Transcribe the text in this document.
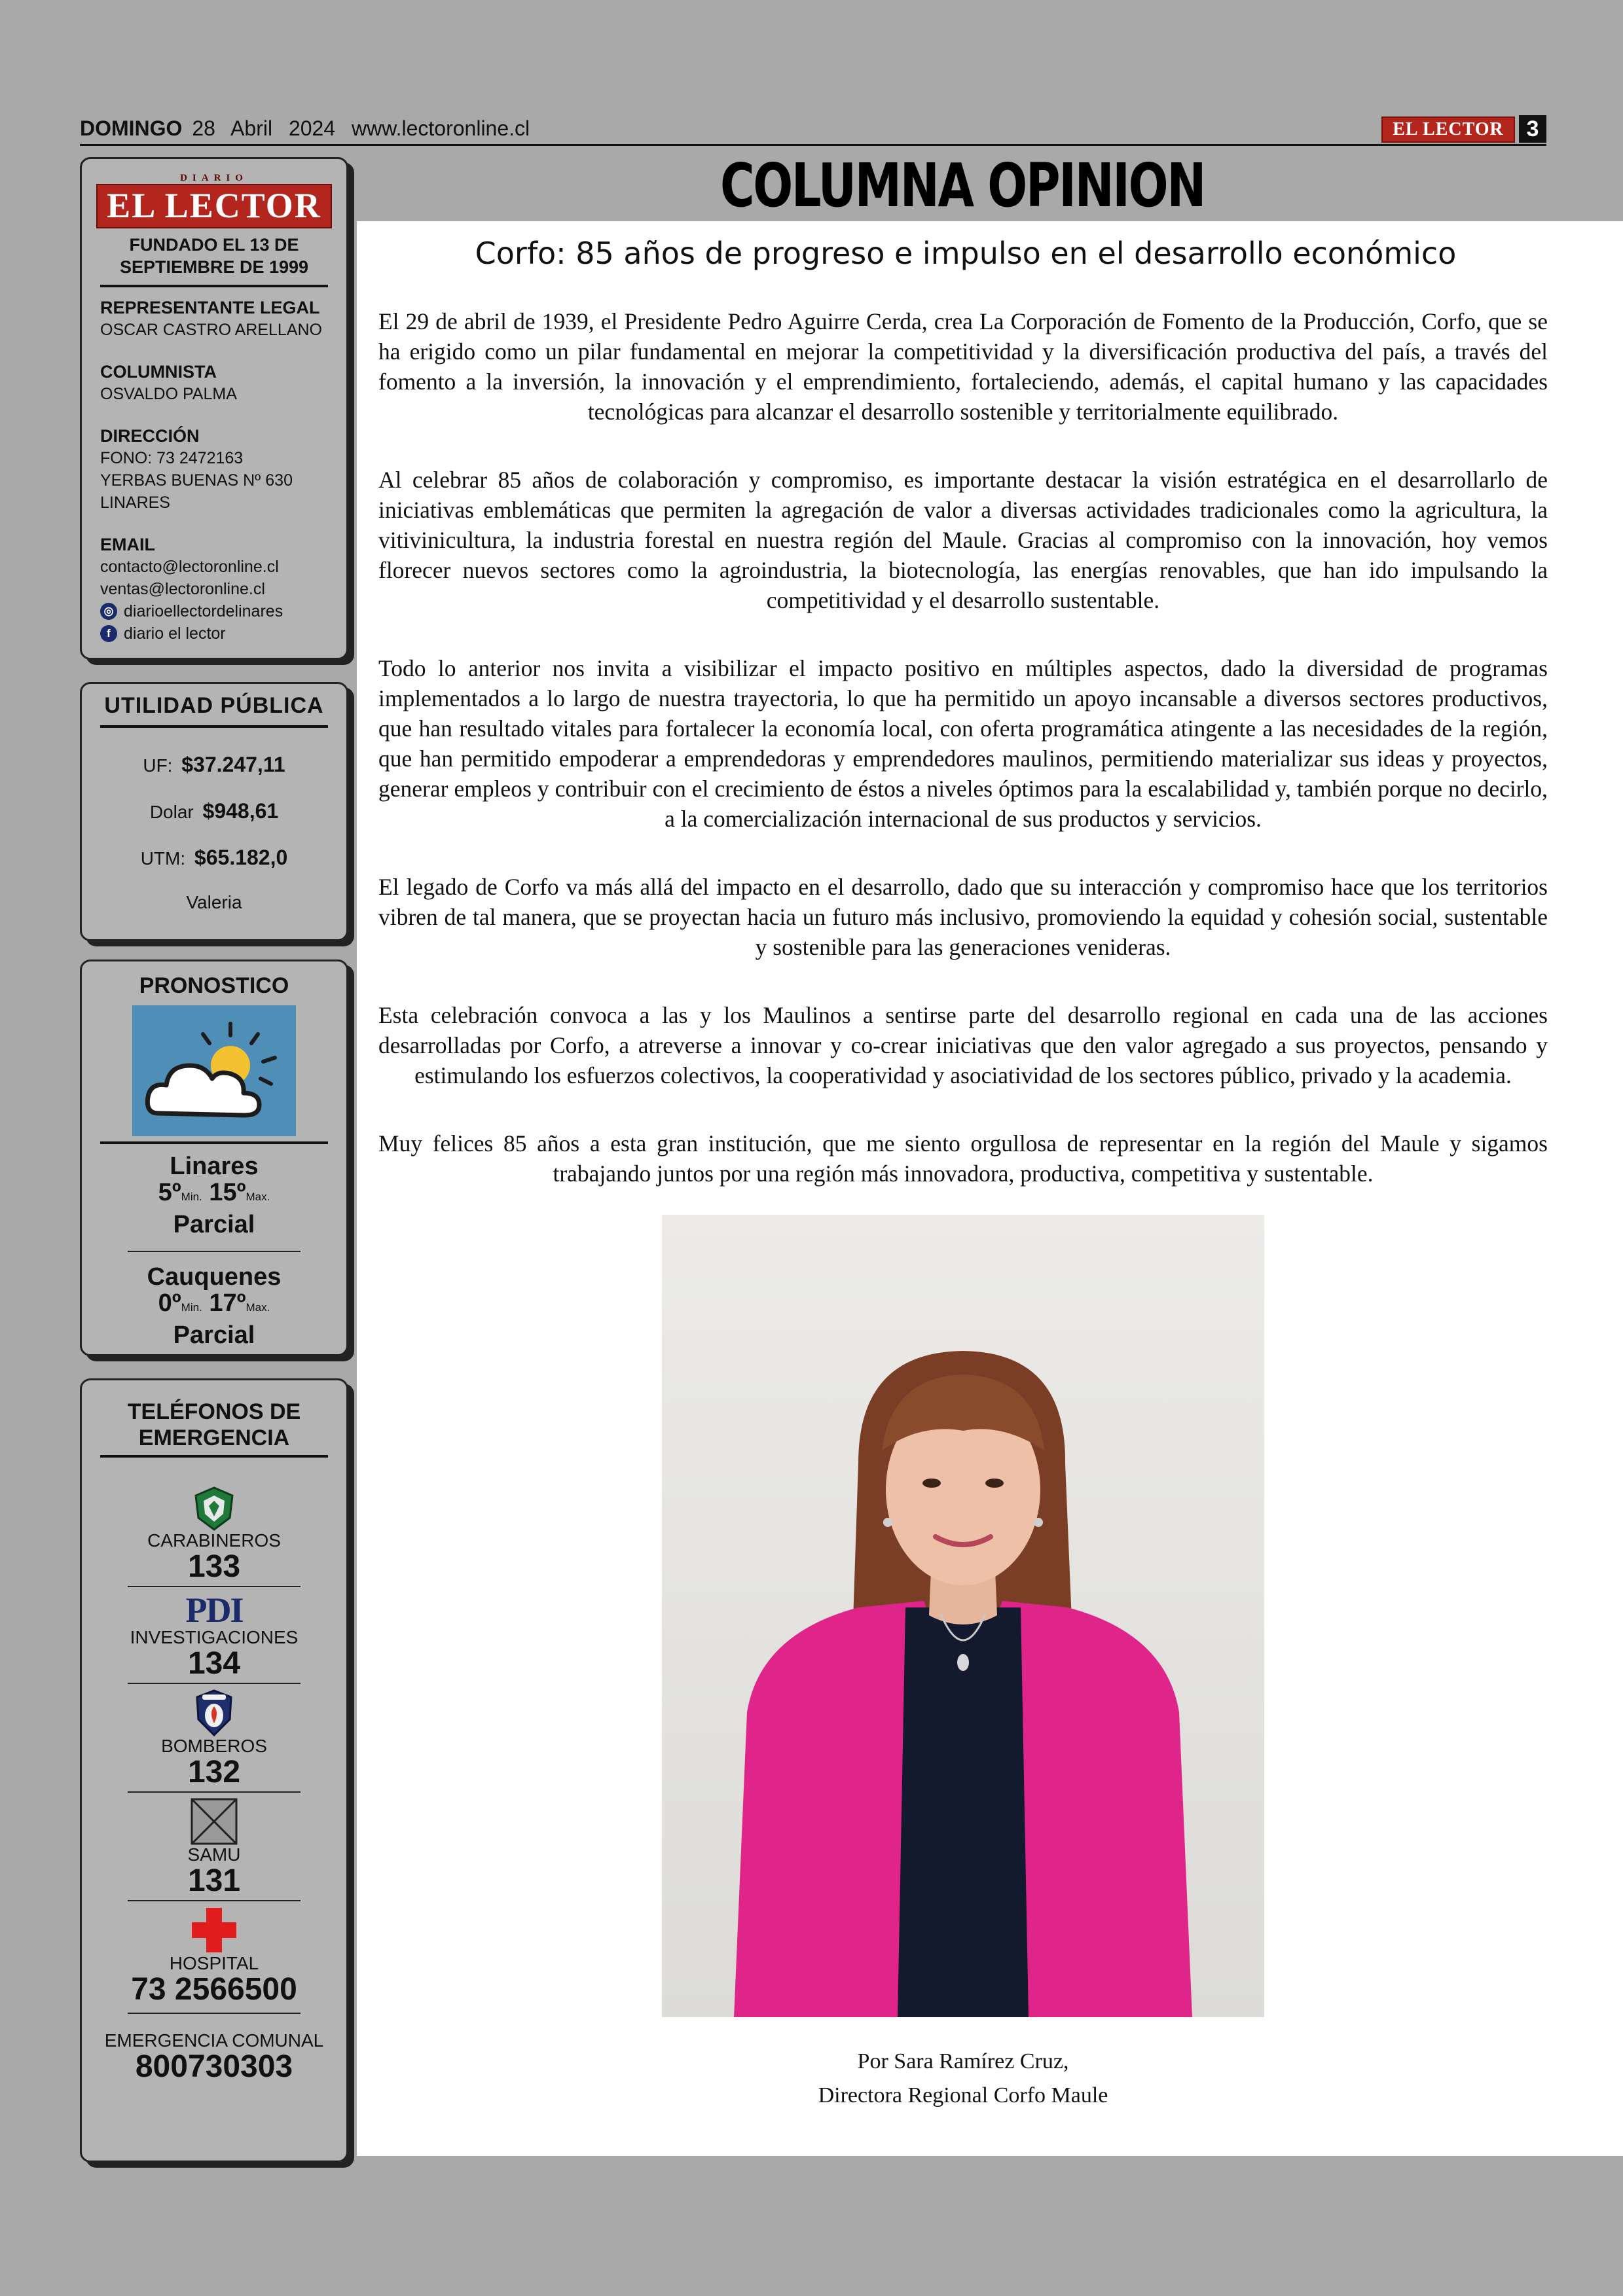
DOMINGO 28 Abril 2024 www.lectoronline.cl	EL LECTOR	3
COLUMNA OPINION
DIARIO
EL LECTOR
FUNDADO EL 13 DE SEPTIEMBRE DE 1999
REPRESENTANTE LEGAL
OSCAR CASTRO ARELLANO
COLUMNISTA
OSVALDO PALMA
DIRECCIÓN
FONO: 73 2472163
YERBAS BUENAS Nº 630
LINARES
EMAIL
contacto@lectoronline.cl
ventas@lectoronline.cl
◎ diarioellectordelinares
f diario el lector
UTILIDAD PÚBLICA
UF: $37.247,11
Dolar $948,61
UTM: $65.182,0
Valeria
PRONOSTICO
Linares
5ºMin. 15ºMax.
Parcial
Cauquenes
0ºMin. 17ºMax.
Parcial
TELÉFONOS DE EMERGENCIA
CARABINEROS
133
PDI
INVESTIGACIONES
134
BOMBEROS
132
SAMU
131
HOSPITAL
73 2566500
EMERGENCIA COMUNAL
800730303
Corfo: 85 años de progreso e impulso en el desarrollo económico

El 29 de abril de 1939, el Presidente Pedro Aguirre Cerda, crea La Corporación de Fomento de la Producción, Corfo, que se ha erigido como un pilar fundamental en mejorar la competitividad y la diversificación productiva del país, a través del fomento a la inversión, la innovación y el emprendimiento, fortaleciendo, además, el capital humano y las capacidades tecnológicas para alcanzar el desarrollo sostenible y territorialmente equilibrado.

Al celebrar 85 años de colaboración y compromiso, es importante destacar la visión estratégica en el desarrollarlo de iniciativas emblemáticas que permiten la agregación de valor a diversas actividades tradicionales como la agricultura, la vitivinicultura, la industria forestal en nuestra región del Maule. Gracias al compromiso con la innovación, hoy vemos florecer nuevos sectores como la agroindustria, la biotecnología, las energías renovables, que han ido impulsando la competitividad y el desarrollo sustentable.

Todo lo anterior nos invita a visibilizar el impacto positivo en múltiples aspectos, dado la diversidad de programas implementados a lo largo de nuestra trayectoria, lo que ha permitido un apoyo incansable a diversos sectores productivos, que han resultado vitales para fortalecer la economía local, con oferta programática atingente a las necesidades de la región, que han permitido empoderar a emprendedoras y emprendedores maulinos, permitiendo materializar sus ideas y proyectos, generar empleos y contribuir con el crecimiento de éstos a niveles óptimos para la escalabilidad y, también porque no decirlo, a la comercialización internacional de sus productos y servicios.

El legado de Corfo va más allá del impacto en el desarrollo, dado que su interacción y compromiso hace que los territorios vibren de tal manera, que se proyectan hacia un futuro más inclusivo, promoviendo la equidad y cohesión social, sustentable y sostenible para las generaciones venideras.

Esta celebración convoca a las y los Maulinos a sentirse parte del desarrollo regional en cada una de las acciones desarrolladas por Corfo, a atreverse a innovar y co-crear iniciativas que den valor agregado a sus proyectos, pensando y estimulando los esfuerzos colectivos, la cooperatividad y asociatividad de los sectores público, privado y la academia.

Muy felices 85 años a esta gran institución, que me siento orgullosa de representar en la región del Maule y sigamos trabajando juntos por una región más innovadora, productiva, competitiva y sustentable.

Por Sara Ramírez Cruz,
Directora Regional Corfo Maule
